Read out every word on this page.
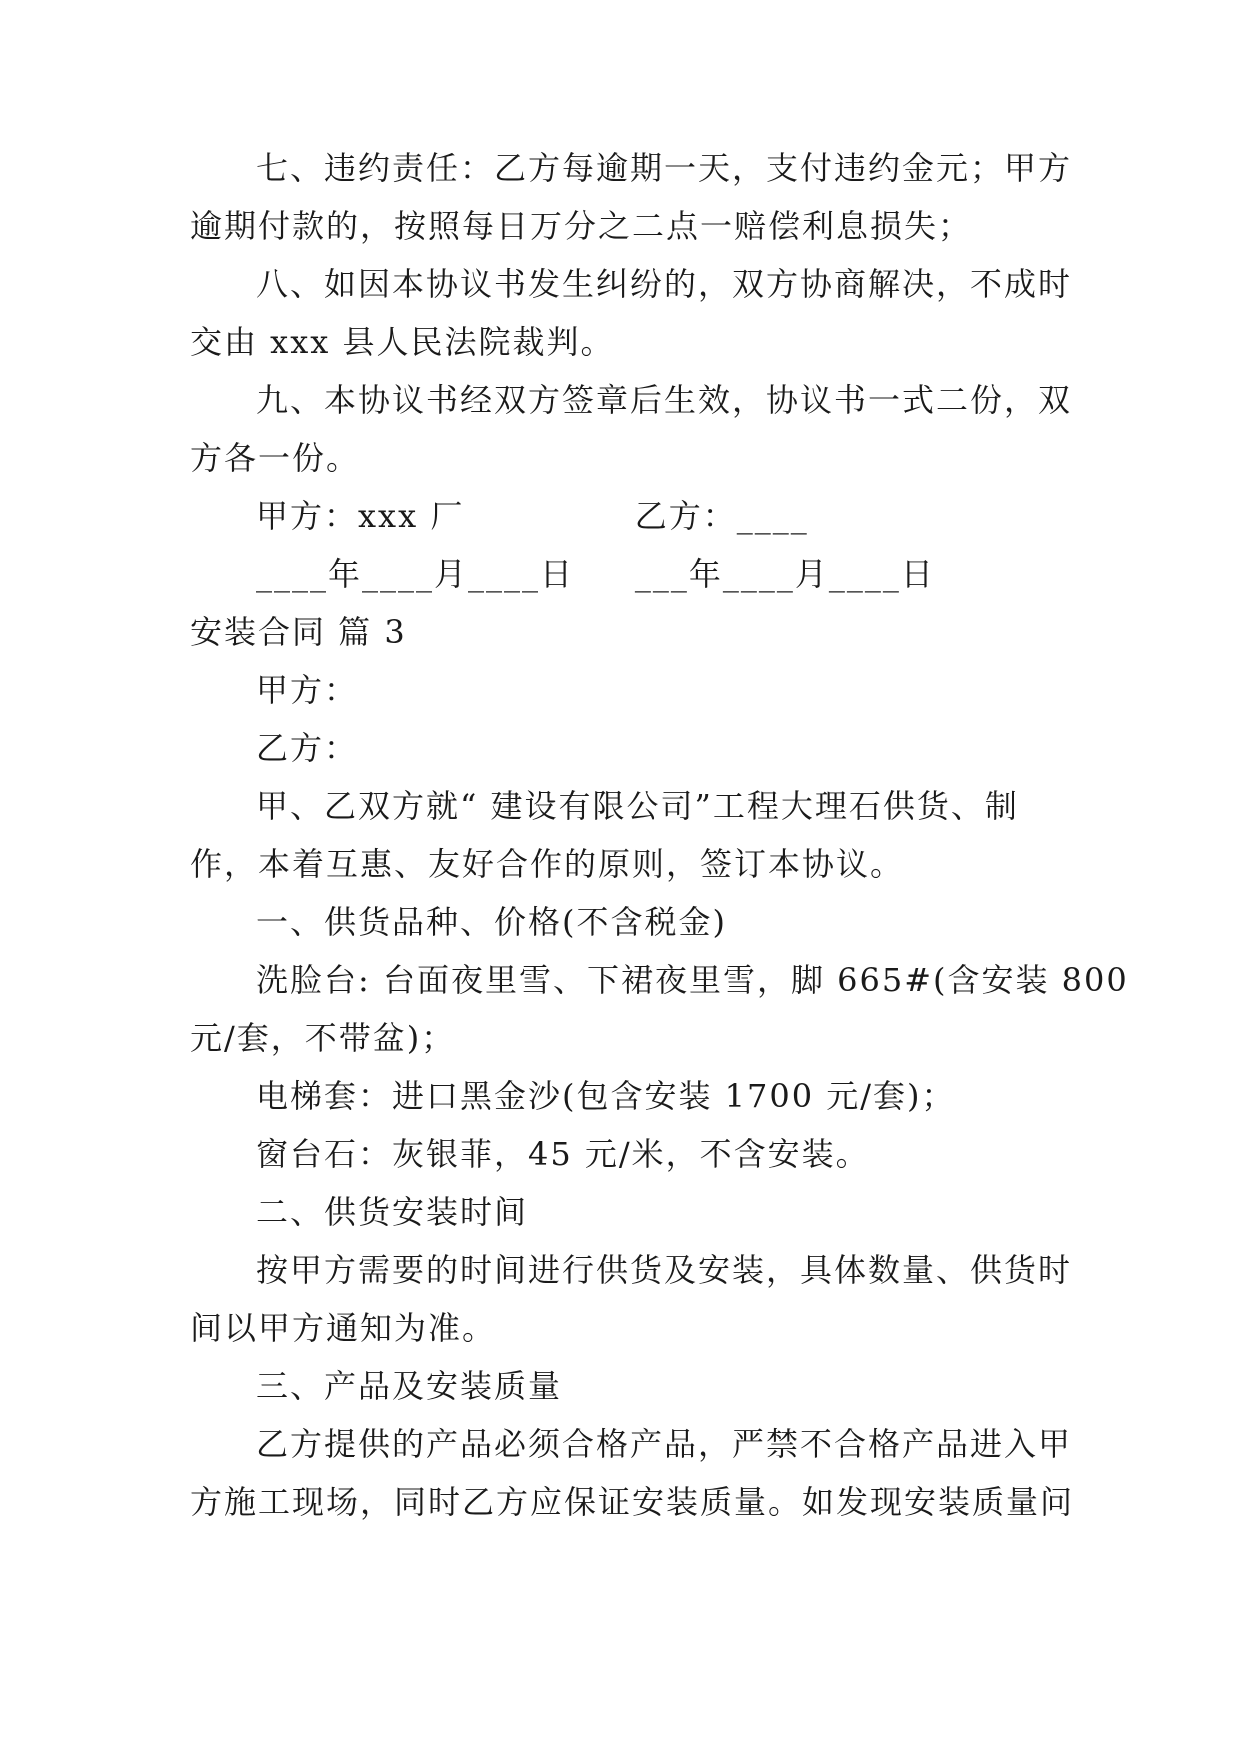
七、违约责任：乙方每逾期一天，支付违约金元；甲方
逾期付款的，按照每日万分之二点一赔偿利息损失；
八、如因本协议书发生纠纷的，双方协商解决，不成时
交由 xxx 县人民法院裁判。
九、本协议书经双方签章后生效，协议书一式二份，双
方各一份。
甲方：xxx 厂              乙方：____
____年____月____日     ___年____月____日
安装合同 篇 3
甲方：
乙方：
甲、乙双方就“ 建设有限公司”工程大理石供货、制
作，本着互惠、友好合作的原则，签订本协议。
一、供货品种、价格(不含税金)
洗脸台: 台面夜里雪、下裙夜里雪，脚 665#(含安装 800
元/套，不带盆)；
电梯套：进口黑金沙(包含安装 1700 元/套)；
窗台石：灰银菲，45 元/米，不含安装。
二、供货安装时间
按甲方需要的时间进行供货及安装，具体数量、供货时
间以甲方通知为准。
三、产品及安装质量
乙方提供的产品必须合格产品，严禁不合格产品进入甲
方施工现场，同时乙方应保证安装质量。如发现安装质量问
